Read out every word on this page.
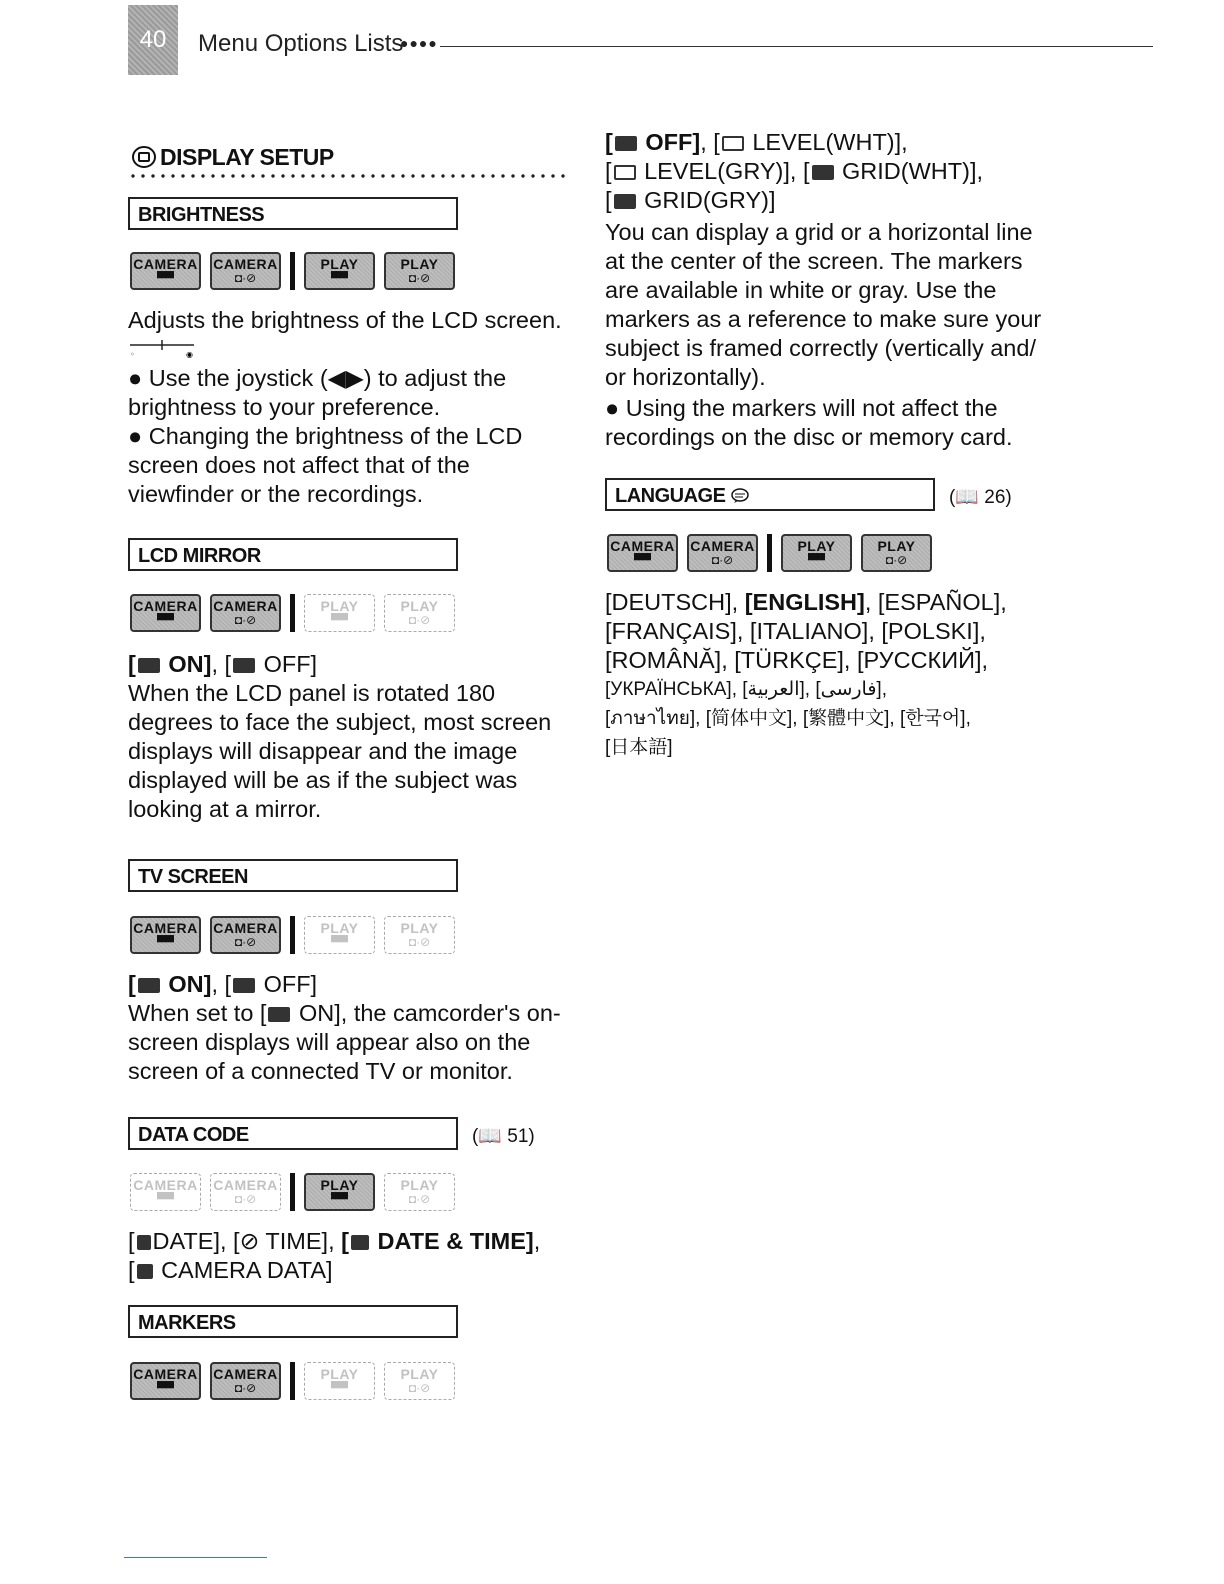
40	Menu Options Lists
●●●●
DISPLAY SETUP
BRIGHTNESS
CAMERA
▀▀
CAMERA
◘·⊘
PLAY
▀▀
PLAY
◘·⊘

Adjusts the brightness of the LCD screen.
◦	◉

● Use the joystick (◀▶) to adjust the brightness to your preference.

● Changing the brightness of the LCD screen does not affect that of the viewfinder or the recordings.

LCD MIRROR
CAMERA
▀▀
CAMERA
◘·⊘
PLAY
▀▀
PLAY
◘·⊘

[ ON], [ OFF]

When the LCD panel is rotated 180 degrees to face the subject, most screen displays will disappear and the image displayed will be as if the subject was looking at a mirror.

TV SCREEN
CAMERA
▀▀
CAMERA
◘·⊘
PLAY
▀▀
PLAY
◘·⊘

[ ON], [ OFF]

When set to [ ON], the camcorder's on-screen displays will appear also on the screen of a connected TV or monitor.

DATA CODE	(📖 51)
CAMERA
▀▀
CAMERA
◘·⊘
PLAY
▀▀
PLAY
◘·⊘

[ DATE], [⊘ TIME], [ DATE & TIME],

[ CAMERA DATA]

MARKERS
CAMERA
▀▀
CAMERA
◘·⊘
PLAY
▀▀
PLAY
◘·⊘

[ OFF], [ LEVEL(WHT)],

[ LEVEL(GRY)], [ GRID(WHT)],

[ GRID(GRY)]

You can display a grid or a horizontal line at the center of the screen. The markers are available in white or gray. Use the markers as a reference to make sure your subject is framed correctly (vertically and/ or horizontally).

● Using the markers will not affect the recordings on the disc or memory card.

LANGUAGE	(📖 26)
CAMERA
▀▀
CAMERA
◘·⊘
PLAY
▀▀
PLAY
◘·⊘

[DEUTSCH], [ENGLISH], [ESPAÑOL],

[FRANÇAIS], [ITALIANO], [POLSKI],

[ROMÂNĂ], [TÜRKÇE], [РУССКИЙ],

[УКРАЇНСЬКА], [العربية], [فارسی],

[ภาษาไทย], [简体中文], [繁體中文], [한국어],

[日本語]
